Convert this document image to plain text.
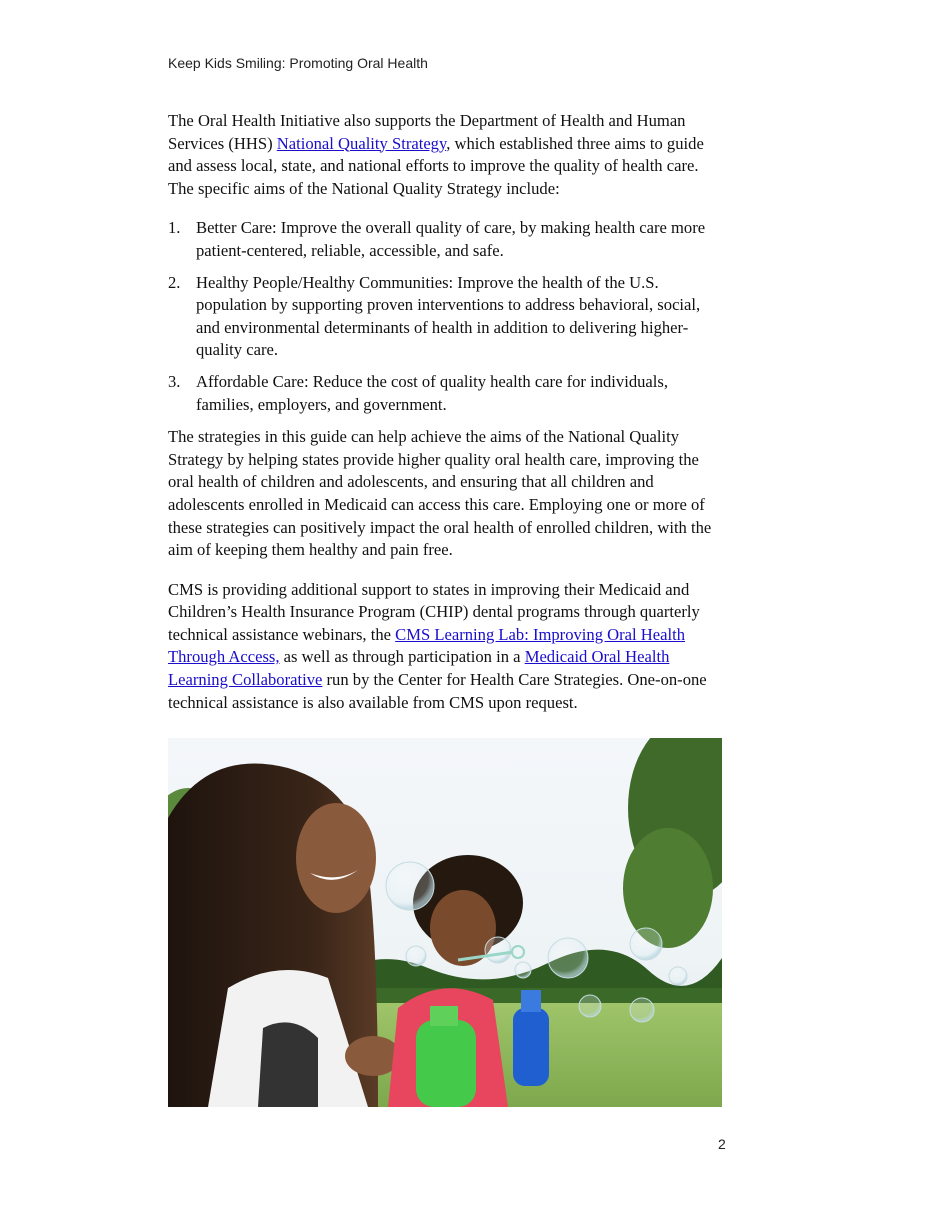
Keep Kids Smiling: Promoting Oral Health

The Oral Health Initiative also supports the Department of Health and Human Services (HHS) National Quality Strategy, which established three aims to guide and assess local, state, and national efforts to improve the quality of health care. The specific aims of the National Quality Strategy include:

1. Better Care: Improve the overall quality of care, by making health care more patient-centered, reliable, accessible, and safe.
2. Healthy People/Healthy Communities: Improve the health of the U.S. population by supporting proven interventions to address behavioral, social, and environmental determinants of health in addition to delivering higher-quality care.
3. Affordable Care: Reduce the cost of quality health care for individuals, families, employers, and government.

The strategies in this guide can help achieve the aims of the National Quality Strategy by helping states provide higher quality oral health care, improving the oral health of children and adolescents, and ensuring that all children and adolescents enrolled in Medicaid can access this care. Employing one or more of these strategies can positively impact the oral health of enrolled children, with the aim of keeping them healthy and pain free.

CMS is providing additional support to states in improving their Medicaid and Children’s Health Insurance Program (CHIP) dental programs through quarterly technical assistance webinars, the CMS Learning Lab: Improving Oral Health Through Access, as well as through participation in a Medicaid Oral Health Learning Collaborative run by the Center for Health Care Strategies. One-on-one technical assistance is also available from CMS upon request.

2
